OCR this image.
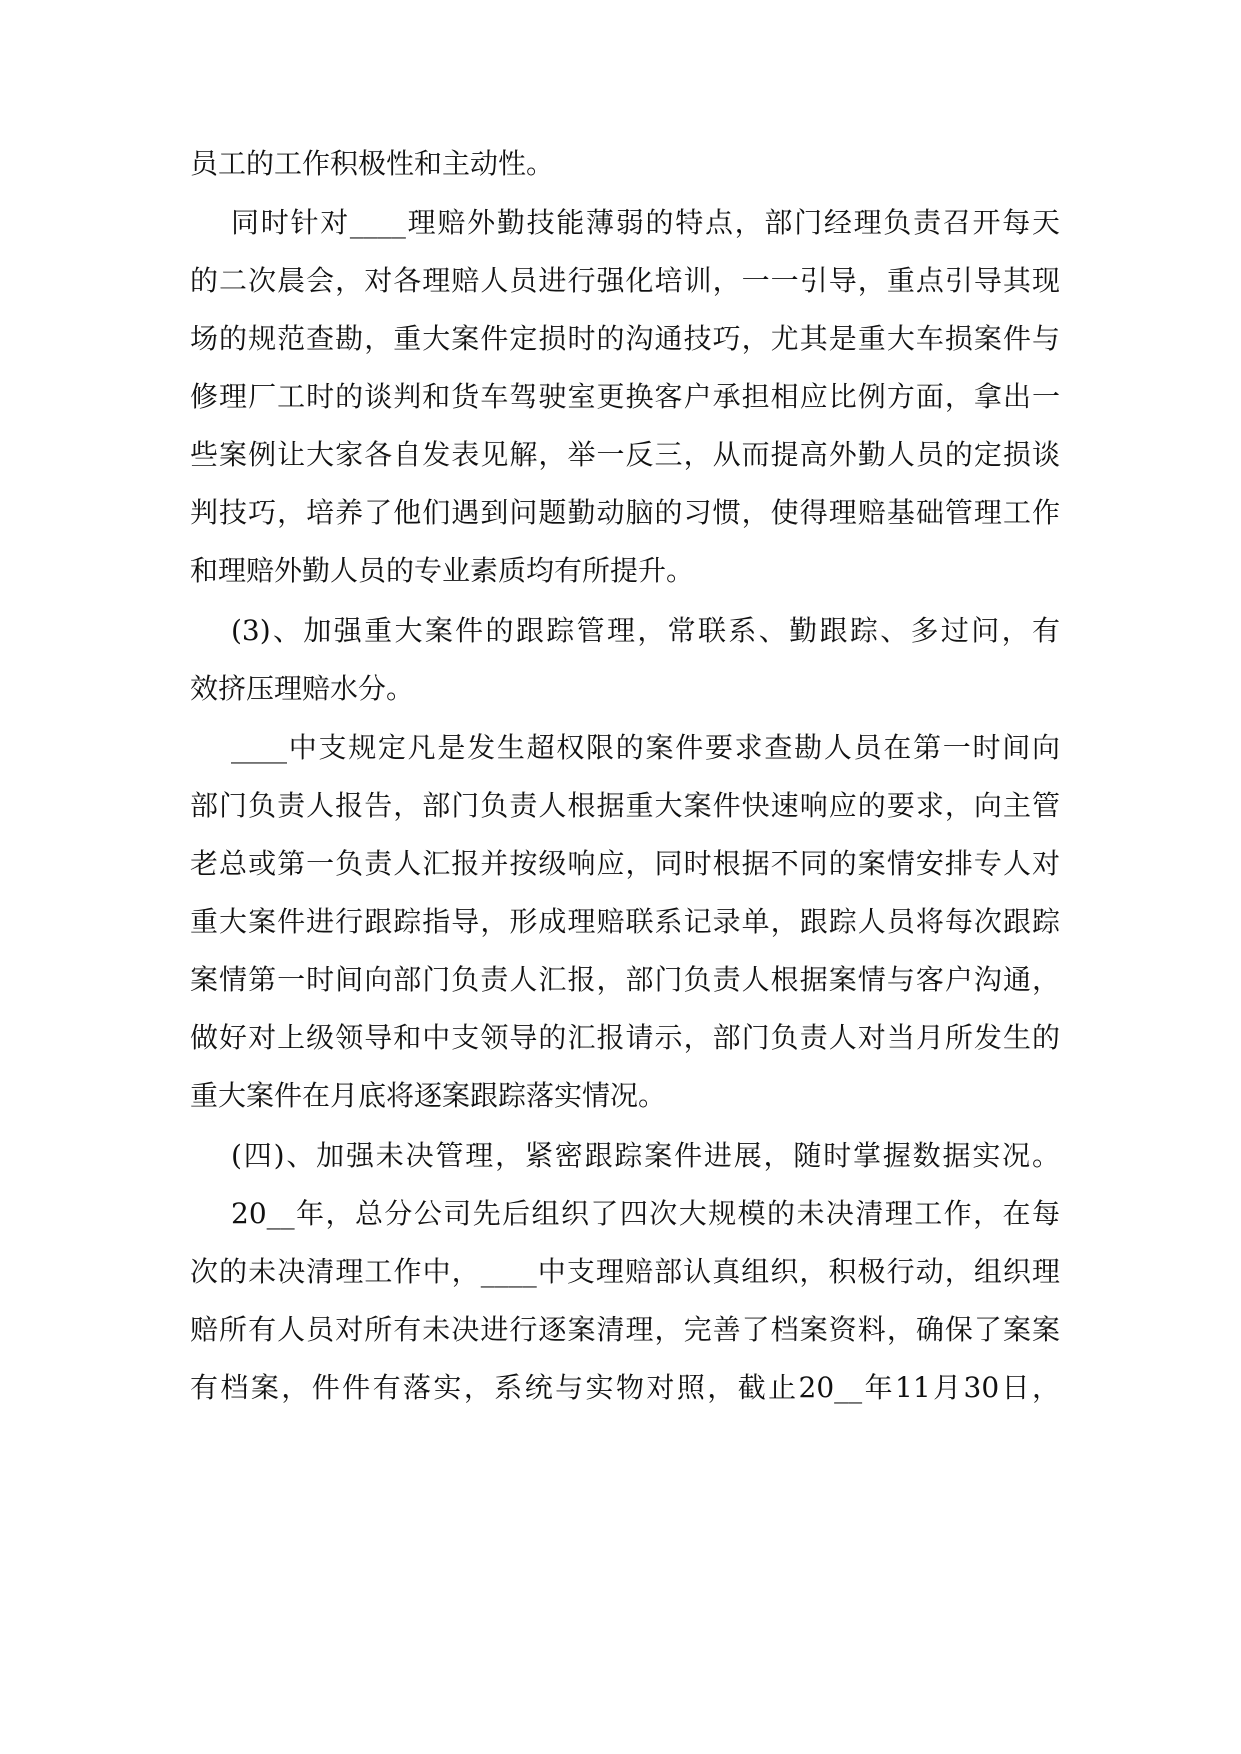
员工的工作积极性和主动性。
同时针对____理赔外勤技能薄弱的特点，部门经理负责召开每天
的二次晨会，对各理赔人员进行强化培训，一一引导，重点引导其现
场的规范查勘，重大案件定损时的沟通技巧，尤其是重大车损案件与
修理厂工时的谈判和货车驾驶室更换客户承担相应比例方面，拿出一
些案例让大家各自发表见解，举一反三，从而提高外勤人员的定损谈
判技巧，培养了他们遇到问题勤动脑的习惯，使得理赔基础管理工作
和理赔外勤人员的专业素质均有所提升。
(3)、加强重大案件的跟踪管理，常联系、勤跟踪、多过问，有
效挤压理赔水分。
____中支规定凡是发生超权限的案件要求查勘人员在第一时间向
部门负责人报告，部门负责人根据重大案件快速响应的要求，向主管
老总或第一负责人汇报并按级响应，同时根据不同的案情安排专人对
重大案件进行跟踪指导，形成理赔联系记录单，跟踪人员将每次跟踪
案情第一时间向部门负责人汇报，部门负责人根据案情与客户沟通，
做好对上级领导和中支领导的汇报请示，部门负责人对当月所发生的
重大案件在月底将逐案跟踪落实情况。
(四)、加强未决管理，紧密跟踪案件进展，随时掌握数据实况。
20__年，总分公司先后组织了四次大规模的未决清理工作，在每
次的未决清理工作中，____中支理赔部认真组织，积极行动，组织理
赔所有人员对所有未决进行逐案清理，完善了档案资料，确保了案案
有档案，件件有落实，系统与实物对照，截止20__年11月30日，
